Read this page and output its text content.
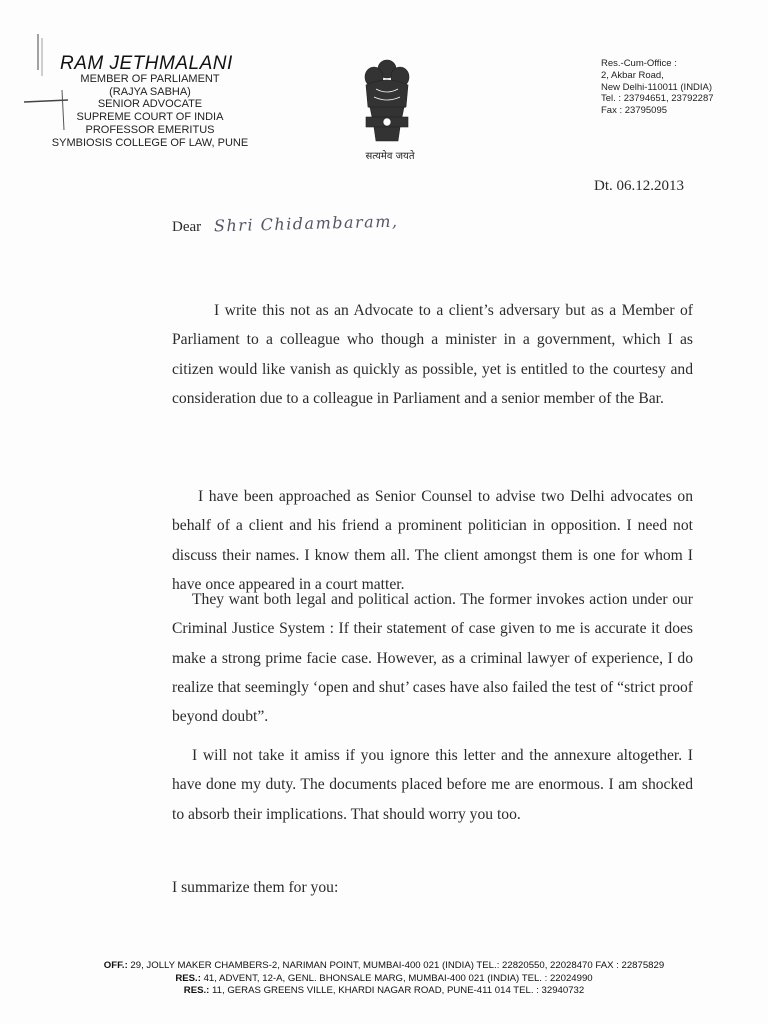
RAM JETHMALANI
MEMBER OF PARLIAMENT
(RAJYA SABHA)
SENIOR ADVOCATE
SUPREME COURT OF INDIA
PROFESSOR EMERITUS
SYMBIOSIS COLLEGE OF LAW, PUNE
सत्यमेव जयते
Res.-Cum-Office :
2, Akbar Road,
New Delhi-110011 (INDIA)
Tel. : 23794651, 23792287
Fax : 23795095
Dt. 06.12.2013
Dear Shri Chidambaram,
I write this not as an Advocate to a client’s adversary but as a Member of Parliament to a colleague who though a minister in a government, which I as citizen would like vanish as quickly as possible, yet is entitled to the courtesy and consideration due to a colleague in Parliament and a senior member of the Bar.
I have been approached as Senior Counsel to advise two Delhi advocates on behalf of a client and his friend a prominent politician in opposition. I need not discuss their names. I know them all. The client amongst them is one for whom I have once appeared in a court matter.
They want both legal and political action. The former invokes action under our Criminal Justice System : If their statement of case given to me is accurate it does make a strong prime facie case. However, as a criminal lawyer of experience, I do realize that seemingly ‘open and shut’ cases have also failed the test of “strict proof beyond doubt”.
I will not take it amiss if you ignore this letter and the annexure altogether. I have done my duty. The documents placed before me are enormous. I am shocked to absorb their implications. That should worry you too.
I summarize them for you:
OFF.: 29, JOLLY MAKER CHAMBERS-2, NARIMAN POINT, MUMBAI-400 021 (INDIA) TEL.: 22820550, 22028470 FAX : 22875829
RES.: 41, ADVENT, 12-A, GENL. BHONSALE MARG, MUMBAI-400 021 (INDIA) TEL. : 22024990
RES.: 11, GERAS GREENS VILLE, KHARDI NAGAR ROAD, PUNE-411 014 TEL. : 32940732
